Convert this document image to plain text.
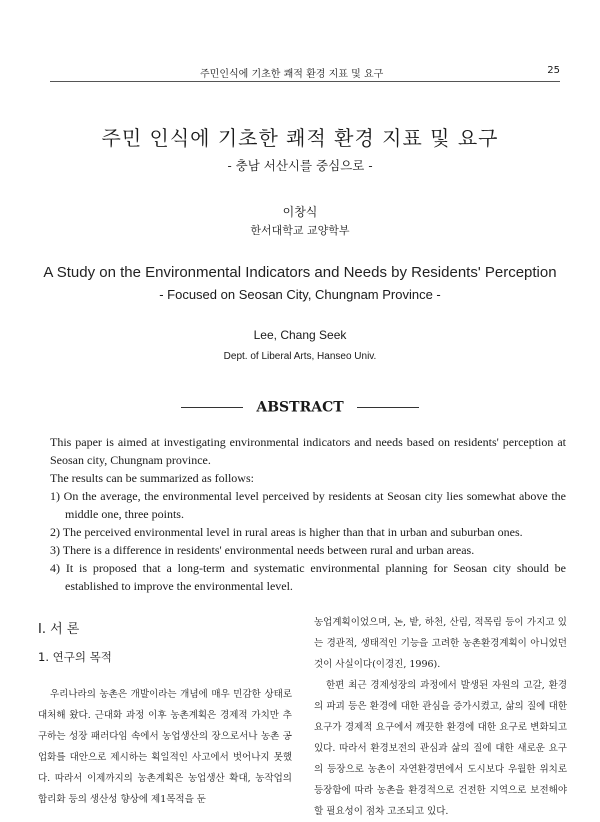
주민인식에 기초한 쾌적 환경 지표 및 요구	25
주민 인식에 기초한 쾌적 환경 지표 및 요구
- 충남 서산시를 중심으로 -
이창식
한서대학교 교양학부
A Study on the Environmental Indicators and Needs by Residents' Perception
- Focused on Seosan City, Chungnam Province -
Lee, Chang Seek
Dept. of Liberal Arts, Hanseo Univ.
ABSTRACT

This paper is aimed at investigating environmental indicators and needs based on residents' perception at Seosan city, Chungnam province.

The results can be summarized as follows:

1) On the average, the environmental level perceived by residents at Seosan city lies somewhat above the middle one, three points.
2) The perceived environmental level in rural areas is higher than that in urban and suburban ones.
3) There is a difference in residents' environmental needs between rural and urban areas.
4) It is proposed that a long-term and systematic environmental planning for Seosan city should be established to improve the environmental level.
Ⅰ. 서 론
1. 연구의 목적

우리나라의 농촌은 개발이라는 개념에 매우 민감한 상태로 대처해 왔다. 근대화 과정 이후 농촌계획은 경제적 가치만 추구하는 성장 패러다임 속에서 농업생산의 장으로서나 농촌 공업화를 대안으로 제시하는 획일적인 사고에서 벗어나지 못했다. 따라서 이제까지의 농촌계획은 농업생산 확대, 농작업의 합리화 등의 생산성 향상에 제1목적을 둔

농업계획이었으며, 논, 밭, 하천, 산림, 적목림 등이 가지고 있는 경관적, 생태적인 기능을 고려한 농촌환경계획이 아니었던 것이 사실이다(이경진, 1996).

한편 최근 경제성장의 과정에서 발생된 자원의 고갈, 환경의 파괴 등은 환경에 대한 관심을 증가시켰고, 삶의 질에 대한 요구가 경제적 요구에서 깨끗한 환경에 대한 요구로 변화되고 있다. 따라서 환경보전의 관심과 삶의 질에 대한 새로운 요구의 등장으로 농촌이 자연환경면에서 도시보다 우월한 위치로 등장함에 따라 농촌을 환경적으로 건전한 지역으로 보전해야 할 필요성이 점차 고조되고 있다.
